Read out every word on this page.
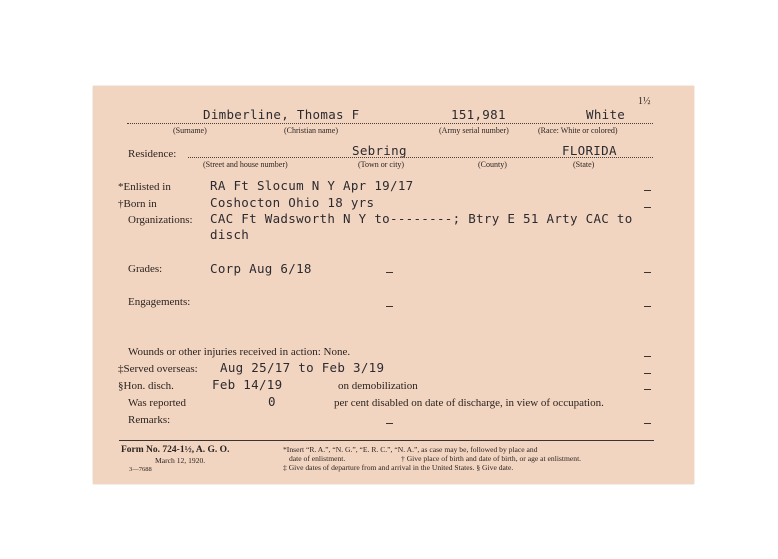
1½
Dimberline, Thomas F	151,981	White
(Surname)	(Christian name)	(Army serial number)	(Race: White or colored)
Residence:	Sebring	FLORIDA
(Street and house number)	(Town or city)	(County)	(State)
*Enlisted in	RA Ft Slocum N Y Apr 19/17
†Born in	Coshocton Ohio 18 yrs
Organizations: CAC Ft Wadsworth N Y to--------; Btry E 51 Arty CAC to
disch
Grades:	Corp Aug 6/18
Engagements:
Wounds or other injuries received in action: None.
‡Served overseas: Aug 25/17 to Feb 3/19
§Hon. disch.	Feb 14/19	on demobilization
Was reported	0	per cent disabled on date of discharge, in view of occupation.
Remarks:
Form No. 724-1½, A. G. O.
March 12, 1920.
3—7688
*Insert “R. A.”, “N. G.”, “E. R. C.”, “N. A.”, as case may be, followed by place and
date of enlistment.	† Give place of birth and date of birth, or age at enlistment.
‡ Give dates of departure from and arrival in the United States. § Give date.
